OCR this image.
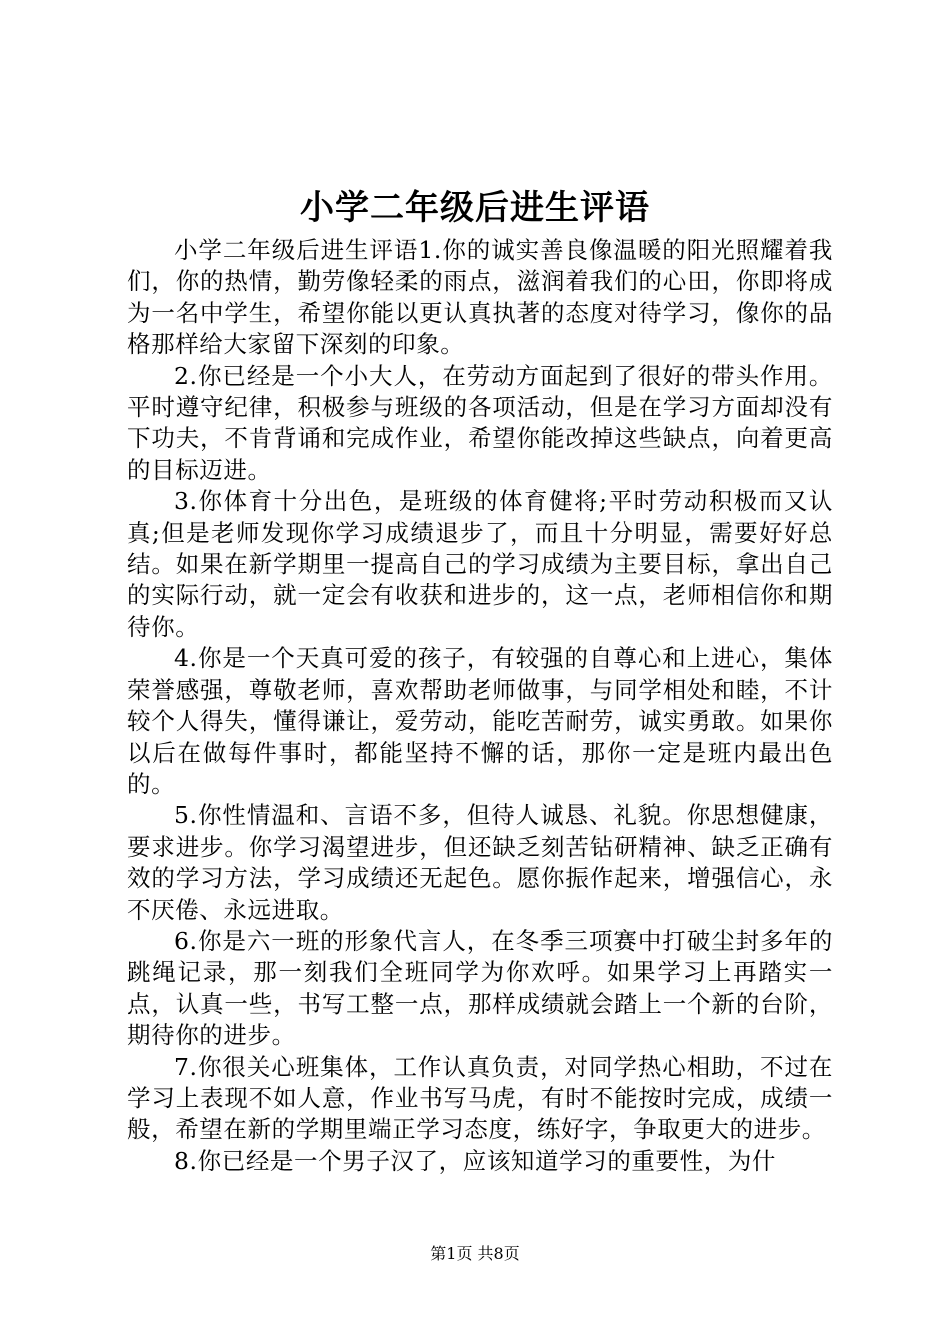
小学二年级后进生评语

小学二年级后进生评语1.你的诚实善良像温暖的阳光照耀着我们，你的热情，勤劳像轻柔的雨点，滋润着我们的心田，你即将成为一名中学生，希望你能以更认真执著的态度对待学习，像你的品格那样给大家留下深刻的印象。

2.你已经是一个小大人，在劳动方面起到了很好的带头作用。平时遵守纪律，积极参与班级的各项活动，但是在学习方面却没有下功夫，不肯背诵和完成作业，希望你能改掉这些缺点，向着更高的目标迈进。

3.你体育十分出色，是班级的体育健将;平时劳动积极而又认真;但是老师发现你学习成绩退步了，而且十分明显，需要好好总结。如果在新学期里一提高自己的学习成绩为主要目标，拿出自己的实际行动，就一定会有收获和进步的，这一点，老师相信你和期待你。

4.你是一个天真可爱的孩子，有较强的自尊心和上进心，集体荣誉感强，尊敬老师，喜欢帮助老师做事，与同学相处和睦，不计较个人得失，懂得谦让，爱劳动，能吃苦耐劳，诚实勇敢。如果你以后在做每件事时，都能坚持不懈的话，那你一定是班内最出色的。

5.你性情温和、言语不多，但待人诚恳、礼貌。你思想健康，要求进步。你学习渴望进步，但还缺乏刻苦钻研精神、缺乏正确有效的学习方法，学习成绩还无起色。愿你振作起来，增强信心，永不厌倦、永远进取。

6.你是六一班的形象代言人，在冬季三项赛中打破尘封多年的跳绳记录，那一刻我们全班同学为你欢呼。如果学习上再踏实一点，认真一些，书写工整一点，那样成绩就会踏上一个新的台阶，期待你的进步。

7.你很关心班集体，工作认真负责，对同学热心相助，不过在学习上表现不如人意，作业书写马虎，有时不能按时完成，成绩一般，希望在新的学期里端正学习态度，练好字，争取更大的进步。

8.你已经是一个男子汉了，应该知道学习的重要性，为什

第1页 共8页
